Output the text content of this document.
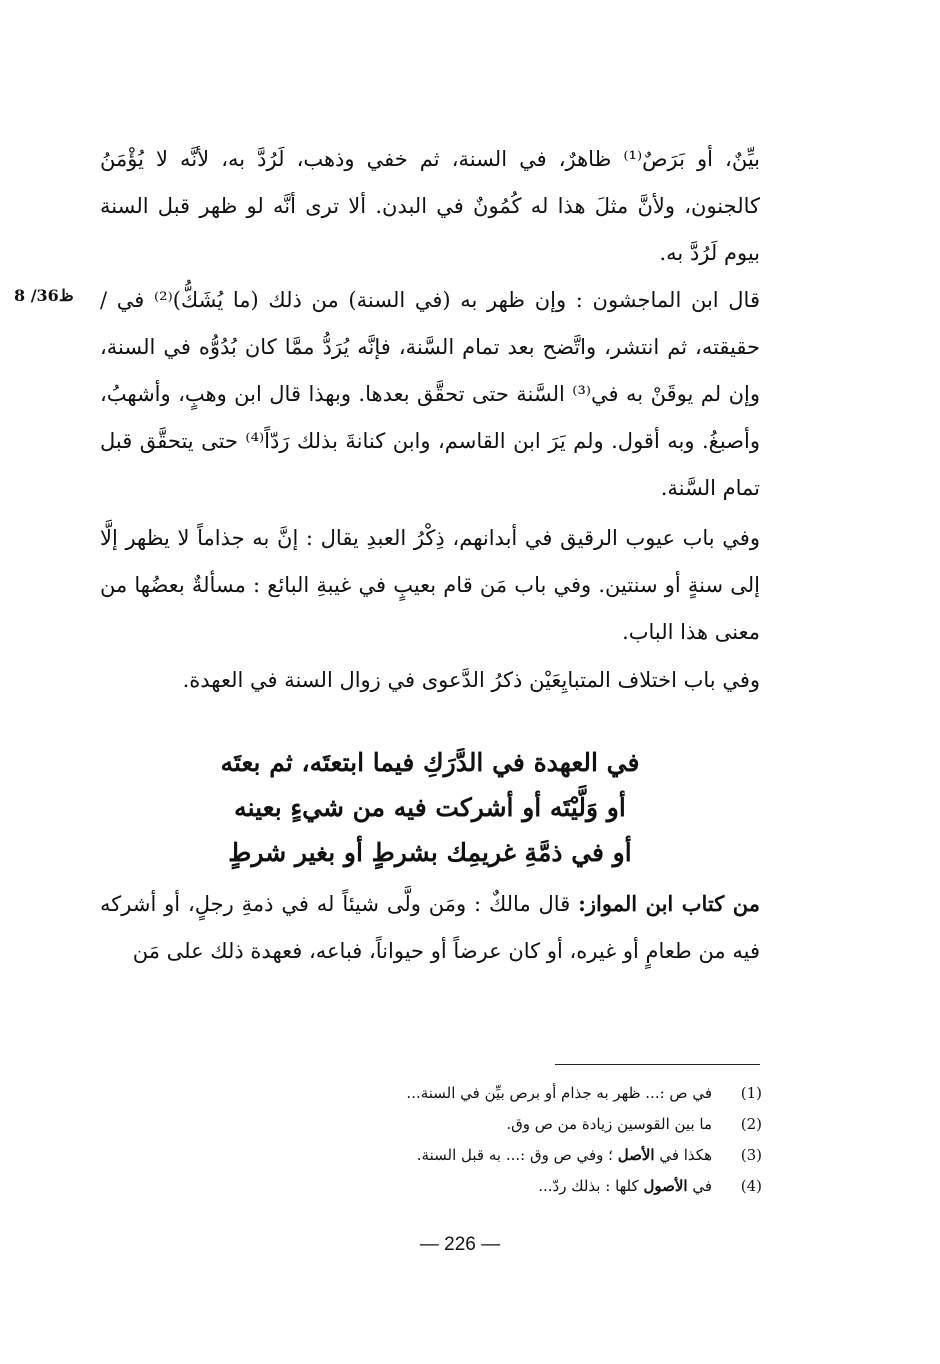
8 /36ظ
بيِّنٌ، أو بَرَصٌ⁽¹⁾ ظاهرٌ، في السنة، ثم خفي وذهب، لَرُدَّ به، لأنَّه لا يُؤْمَنُ كالجنون، ولأنَّ مثلَ هذا له كُمُونٌ في البدن. ألا ترى أنَّه لو ظهر قبل السنة بيوم لَرُدَّ به.
قال ابن الماجشون : وإن ظهر به (في السنة) من ذلك (ما يُشَكُّ)⁽²⁾ في / حقيقته، ثم انتشر، واتَّضح بعد تمام السَّنة، فإنَّه يُرَدُّ ممَّا كان بُدُوُّه في السنة، وإن لم يوقَنْ به في⁽³⁾ السَّنة حتى تحقَّق بعدها. وبهذا قال ابن وهبٍ، وأشهبُ، وأصبغُ. وبه أقول. ولم يَرَ ابن القاسم، وابن كنانةَ بذلك رَدّاً⁽⁴⁾ حتى يتحقَّق قبل تمام السَّنة.
وفي باب عيوب الرقيق في أبدانهم، ذِكْرُ العبدِ يقال : إنَّ به جذاماً لا يظهر إلَّا إلى سنةٍ أو سنتين. وفي باب مَن قام بعيبٍ في غيبةِ البائع : مسألةٌ بعضُها من معنى هذا الباب.
وفي باب اختلاف المتبايِعَيْن ذكرُ الدَّعوى في زوال السنة في العهدة.
في العهدة في الدَّرَكِ فيما ابتعتَه، ثم بعتَه
أو وَلَّيْتَه أو أشركت فيه من شيءٍ بعينه
أو في ذمَّةِ غريمِك بشرطٍ أو بغير شرطٍ
من كتاب ابن المواز: قال مالكٌ : ومَن ولَّى شيئاً له في ذمةِ رجلٍ، أو أشركه فيه من طعامٍ أو غيره، أو كان عرضاً أو حيواناً، فباعه، فعهدة ذلك على مَن
(1)
في ص :... ظهر به جذام أو برص بيِّن في السنة...
(2)
ما بين القوسين زيادة من ص وق.
(3)
هكذا في الأصل ؛ وفي ص وق :... به قبل السنة.
(4)
في الأصول كلها : بذلك ردّ...
— 226 —
